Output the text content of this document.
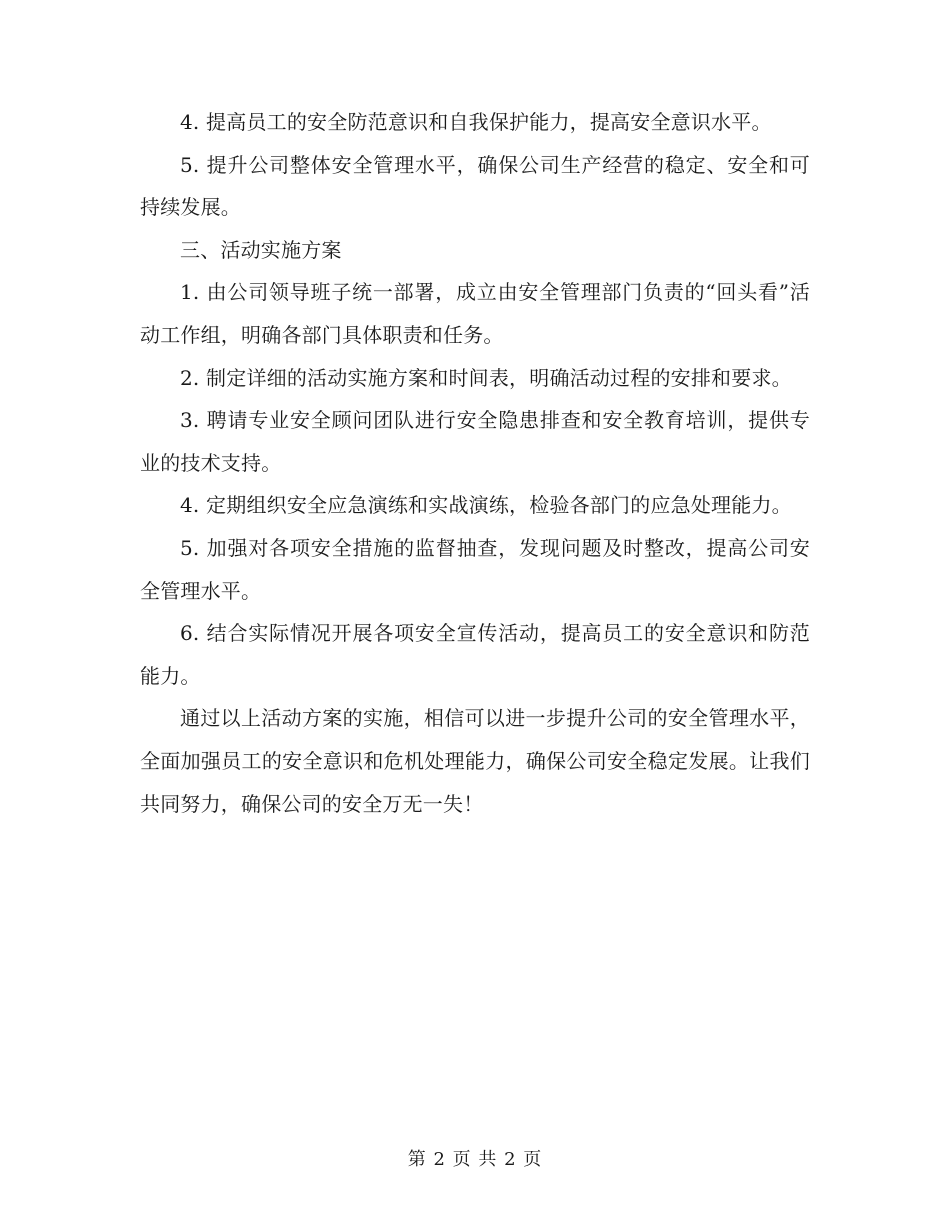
4. 提高员工的安全防范意识和自我保护能力，提高安全意识水平。

5. 提升公司整体安全管理水平，确保公司生产经营的稳定、安全和可持续发展。

三、活动实施方案

1. 由公司领导班子统一部署，成立由安全管理部门负责的“回头看”活动工作组，明确各部门具体职责和任务。

2. 制定详细的活动实施方案和时间表，明确活动过程的安排和要求。

3. 聘请专业安全顾问团队进行安全隐患排查和安全教育培训，提供专业的技术支持。

4. 定期组织安全应急演练和实战演练，检验各部门的应急处理能力。

5. 加强对各项安全措施的监督抽查，发现问题及时整改，提高公司安全管理水平。

6. 结合实际情况开展各项安全宣传活动，提高员工的安全意识和防范能力。

通过以上活动方案的实施，相信可以进一步提升公司的安全管理水平，全面加强员工的安全意识和危机处理能力，确保公司安全稳定发展。让我们共同努力，确保公司的安全万无一失！

第 2 页 共 2 页
